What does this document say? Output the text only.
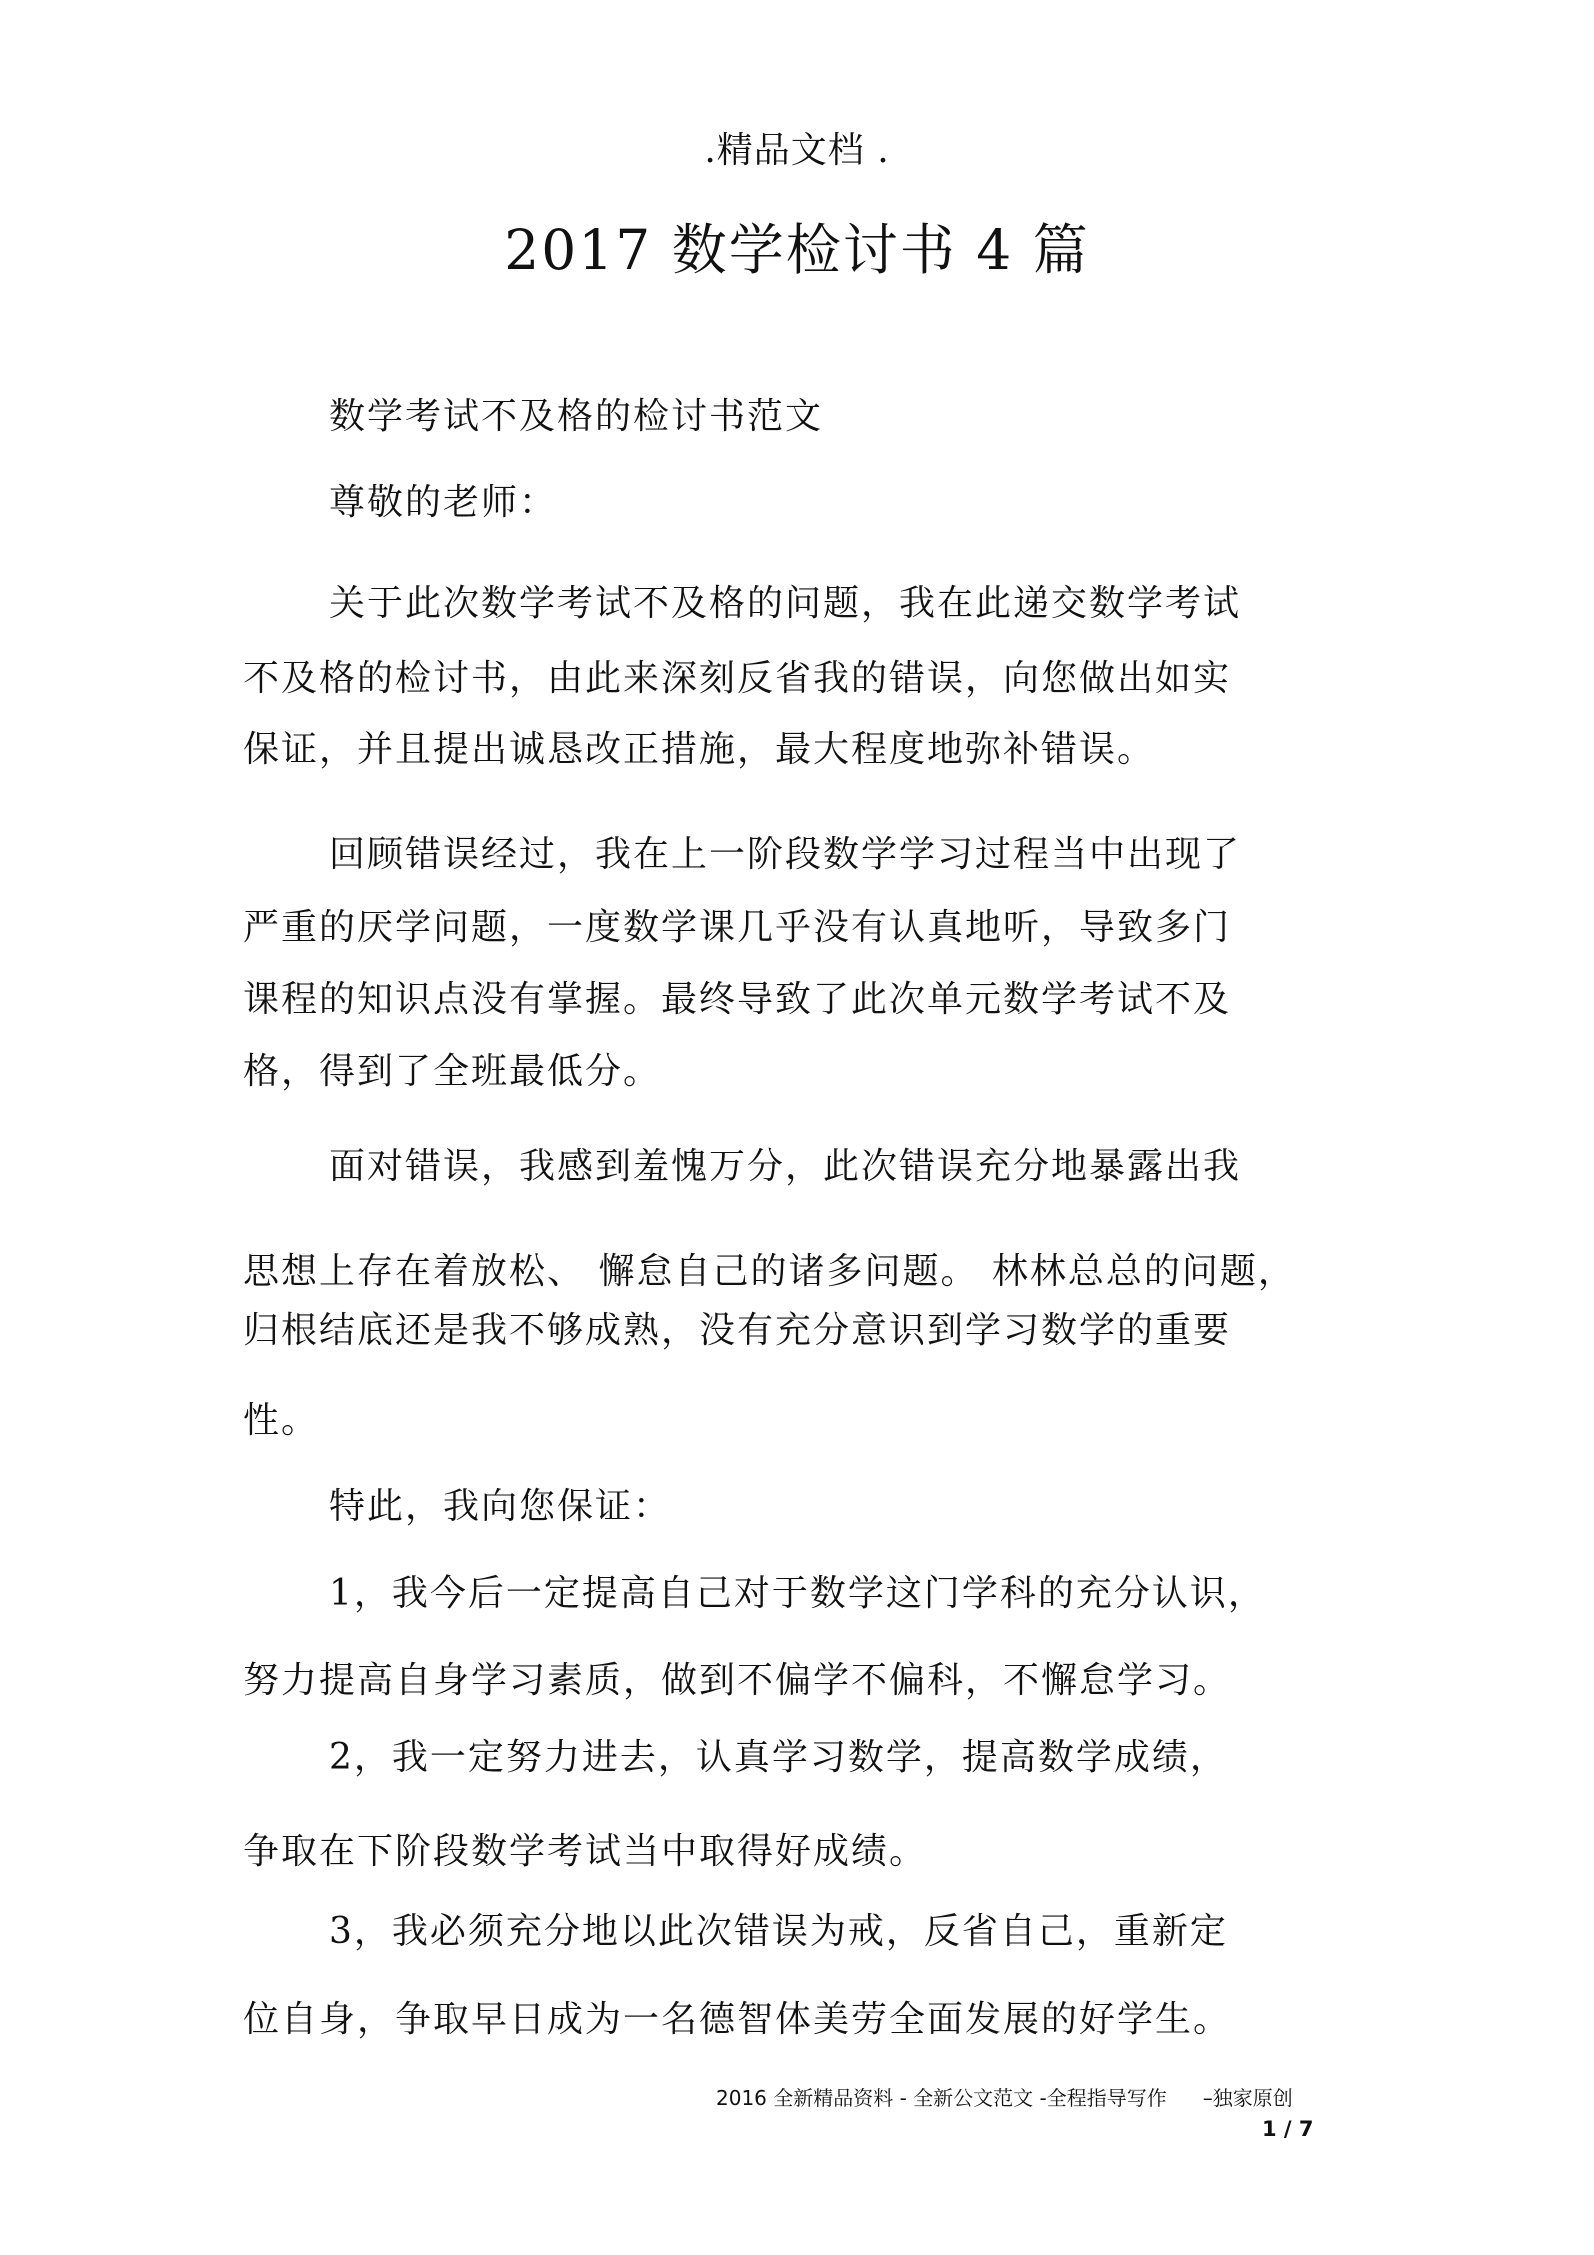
.精品文档 .
2017 数学检讨书 4 篇
数学考试不及格的检讨书范文
尊敬的老师：
关于此次数学考试不及格的问题，我在此递交数学考试
不及格的检讨书，由此来深刻反省我的错误，向您做出如实
保证，并且提出诚恳改正措施，最大程度地弥补错误。
回顾错误经过，我在上一阶段数学学习过程当中出现了
严重的厌学问题，一度数学课几乎没有认真地听，导致多门
课程的知识点没有掌握。最终导致了此次单元数学考试不及
格，得到了全班最低分。
面对错误，我感到羞愧万分，此次错误充分地暴露出我
思想上存在着放松、 懈怠自己的诸多问题。 林林总总的问题，
归根结底还是我不够成熟，没有充分意识到学习数学的重要
性。
特此，我向您保证：
1，我今后一定提高自己对于数学这门学科的充分认识，
努力提高自身学习素质，做到不偏学不偏科，不懈怠学习。
2，我一定努力进去，认真学习数学，提高数学成绩，
争取在下阶段数学考试当中取得好成绩。
3，我必须充分地以此次错误为戒，反省自己，重新定
位自身，争取早日成为一名德智体美劳全面发展的好学生。
2016 全新精品资料 - 全新公文范文 -全程指导写作 –独家原创
1 / 7
